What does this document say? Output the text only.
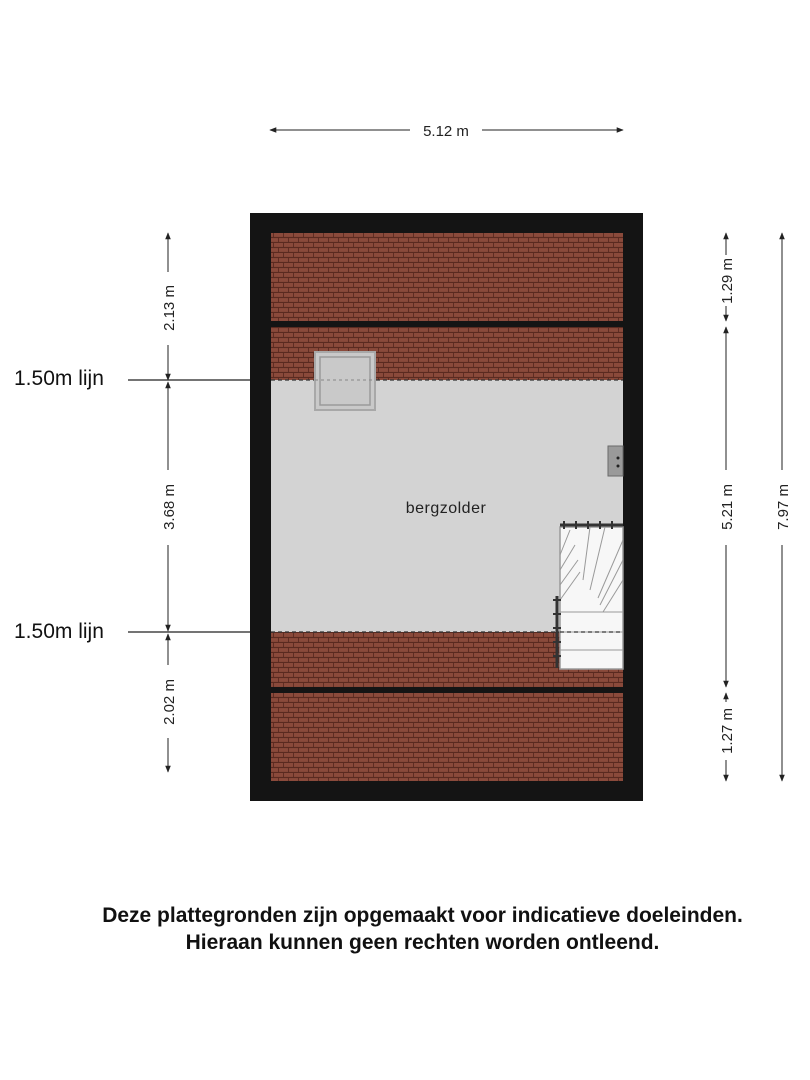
bergzolder
5.12 m
2.13 m
3.68 m
2.02 m
1.50m lijn
1.50m lijn
1.29 m
5.21 m
1.27 m
7.97 m
Deze plattegronden zijn opgemaakt voor indicatieve doeleinden.
Hieraan kunnen geen rechten worden ontleend.
